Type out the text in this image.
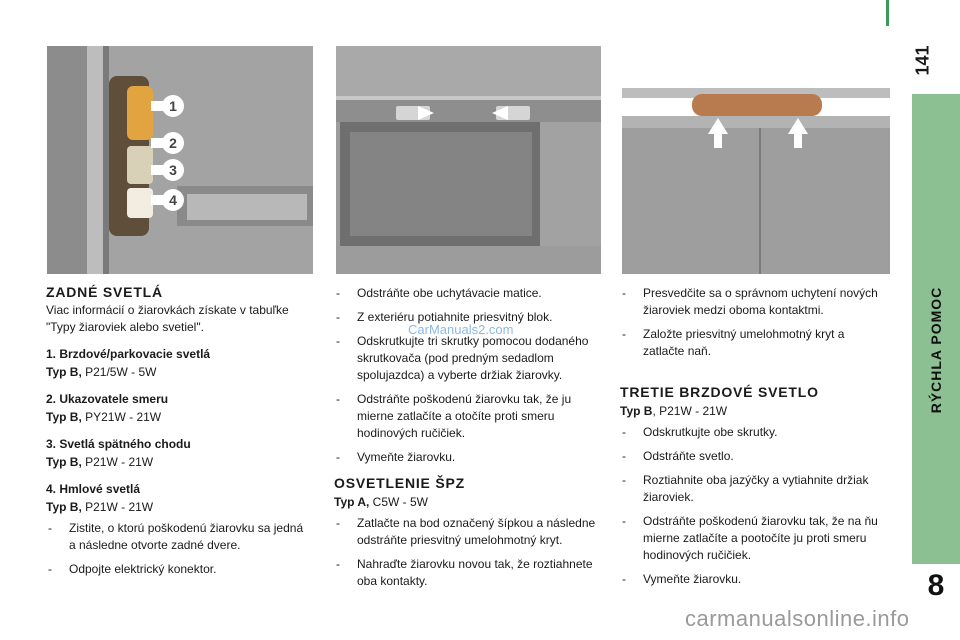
141
RÝCHLA POMOC
8
1
2
3
4
ZADNÉ SVETLÁ

Viac informácií o žiarovkách získate v tabuľke "Typy žiaroviek alebo svetiel".

1. Brzdové/parkovacie svetlá
Typ B, P21/5W - 5W
2. Ukazovatele smeru
Typ B, PY21W - 21W
3. Svetlá spätného chodu
Typ B, P21W - 21W
4. Hmlové svetlá
Typ B, P21W - 21W
- Zistite, o ktorú poškodenú žiarovku sa jedná a následne otvorte zadné dvere.
- Odpojte elektrický konektor.
- Odstráňte obe uchytávacie matice.
- Z exteriéru potiahnite priesvitný blok.
- Odskrutkujte tri skrutky pomocou dodaného skrutkovača (pod predným sedadlom spolujazdca) a vyberte držiak žiarovky.
- Odstráňte poškodenú žiarovku tak, že ju mierne zatlačíte a otočíte proti smeru hodinových ručičiek.
- Vymeňte žiarovku.
OSVETLENIE ŠPZ
Typ A, C5W - 5W
- Zatlačte na bod označený šípkou a následne odstráňte priesvitný umelohmotný kryt.
- Nahraďte žiarovku novou tak, že roztiahnete oba kontakty.
- Presvedčite sa o správnom uchytení nových žiaroviek medzi oboma kontaktmi.
- Založte priesvitný umelohmotný kryt a zatlačte naň.
TRETIE BRZDOVÉ SVETLO
Typ B, P21W - 21W
- Odskrutkujte obe skrutky.
- Odstráňte svetlo.
- Roztiahnite oba jazýčky a vytiahnite držiak žiaroviek.
- Odstráňte poškodenú žiarovku tak, že na ňu mierne zatlačíte a pootočíte ju proti smeru hodinových ručičiek.
- Vymeňte žiarovku.
CarManuals2.com
carmanualsonline.info
